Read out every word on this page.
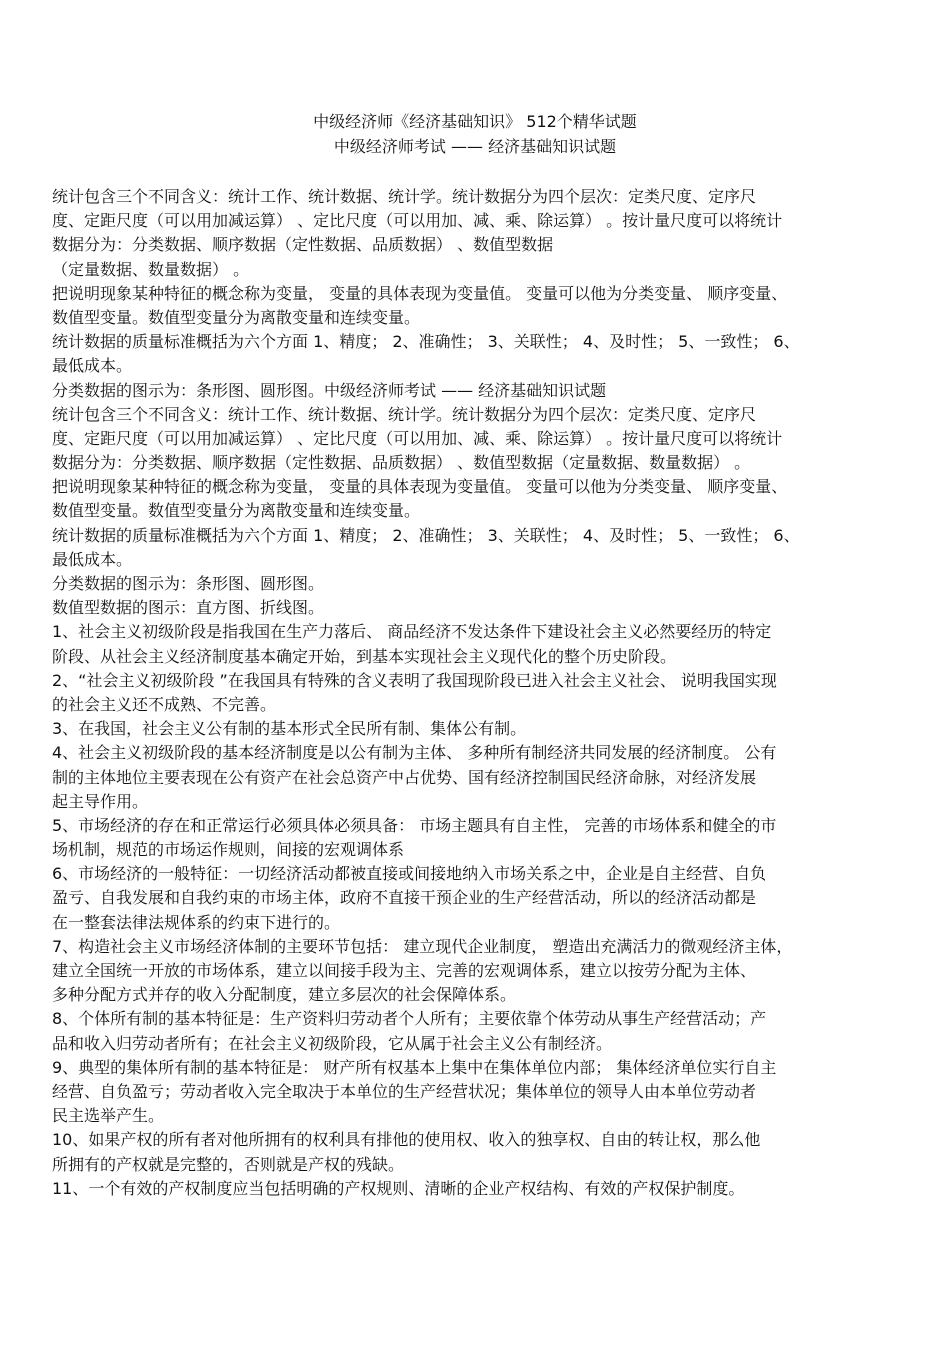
中级经济师《经济基础知识》 512个精华试题
中级经济师考试 —— 经济基础知识试题
统计包含三个不同含义：统计工作、统计数据、统计学。统计数据分为四个层次：定类尺度、定序尺
度、定距尺度（可以用加减运算） 、定比尺度（可以用加、减、乘、除运算） 。按计量尺度可以将统计
数据分为：分类数据、顺序数据（定性数据、品质数据） 、数值型数据
（定量数据、数量数据） 。
把说明现象某种特征的概念称为变量， 变量的具体表现为变量值。 变量可以他为分类变量、 顺序变量、
数值型变量。数值型变量分为离散变量和连续变量。
统计数据的质量标准概括为六个方面 1、精度； 2、准确性； 3、关联性； 4、及时性； 5、一致性； 6、
最低成本。
分类数据的图示为：条形图、圆形图。中级经济师考试 —— 经济基础知识试题
统计包含三个不同含义：统计工作、统计数据、统计学。统计数据分为四个层次：定类尺度、定序尺
度、定距尺度（可以用加减运算） 、定比尺度（可以用加、减、乘、除运算） 。按计量尺度可以将统计
数据分为：分类数据、顺序数据（定性数据、品质数据） 、数值型数据（定量数据、数量数据） 。
把说明现象某种特征的概念称为变量， 变量的具体表现为变量值。 变量可以他为分类变量、 顺序变量、
数值型变量。数值型变量分为离散变量和连续变量。
统计数据的质量标准概括为六个方面 1、精度； 2、准确性； 3、关联性； 4、及时性； 5、一致性； 6、
最低成本。
分类数据的图示为：条形图、圆形图。
数值型数据的图示：直方图、折线图。
1、社会主义初级阶段是指我国在生产力落后、 商品经济不发达条件下建设社会主义必然要经历的特定
阶段、从社会主义经济制度基本确定开始，到基本实现社会主义现代化的整个历史阶段。
2、“社会主义初级阶段 ”在我国具有特殊的含义表明了我国现阶段已进入社会主义社会、 说明我国实现
的社会主义还不成熟、不完善。
3、在我国，社会主义公有制的基本形式全民所有制、集体公有制。
4、社会主义初级阶段的基本经济制度是以公有制为主体、 多种所有制经济共同发展的经济制度。 公有
制的主体地位主要表现在公有资产在社会总资产中占优势、国有经济控制国民经济命脉，对经济发展
起主导作用。
5、市场经济的存在和正常运行必须具体必须具备： 市场主题具有自主性， 完善的市场体系和健全的市
场机制，规范的市场运作规则，间接的宏观调体系
6、市场经济的一般特征：一切经济活动都被直接或间接地纳入市场关系之中，企业是自主经营、自负
盈亏、自我发展和自我约束的市场主体，政府不直接干预企业的生产经营活动，所以的经济活动都是
在一整套法律法规体系的约束下进行的。
7、构造社会主义市场经济体制的主要环节包括： 建立现代企业制度， 塑造出充满活力的微观经济主体，
建立全国统一开放的市场体系，建立以间接手段为主、完善的宏观调体系，建立以按劳分配为主体、
多种分配方式并存的收入分配制度，建立多层次的社会保障体系。
8、个体所有制的基本特征是：生产资料归劳动者个人所有；主要依靠个体劳动从事生产经营活动；产
品和收入归劳动者所有；在社会主义初级阶段，它从属于社会主义公有制经济。
9、典型的集体所有制的基本特征是： 财产所有权基本上集中在集体单位内部； 集体经济单位实行自主
经营、自负盈亏；劳动者收入完全取决于本单位的生产经营状况；集体单位的领导人由本单位劳动者
民主选举产生。
10、如果产权的所有者对他所拥有的权利具有排他的使用权、收入的独享权、自由的转让权，那么他
所拥有的产权就是完整的，否则就是产权的残缺。
11、一个有效的产权制度应当包括明确的产权规则、清晰的企业产权结构、有效的产权保护制度。
